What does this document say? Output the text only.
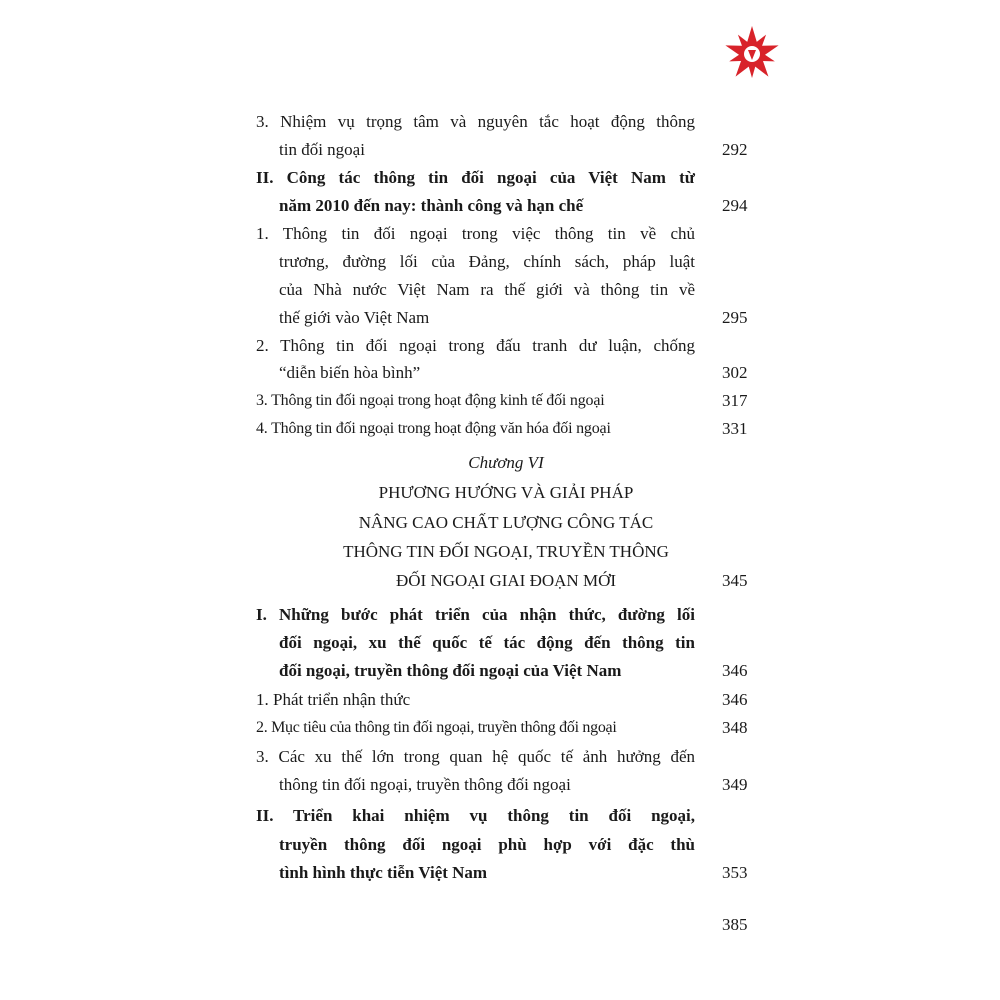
3. Nhiệm vụ trọng tâm và nguyên tắc hoạt động thông
tin đối ngoại	292
II. Công tác thông tin đối ngoại của Việt Nam từ
năm 2010 đến nay: thành công và hạn chế	294
1. Thông tin đối ngoại trong việc thông tin về chủ
trương, đường lối của Đảng, chính sách, pháp luật
của Nhà nước Việt Nam ra thế giới và thông tin về
thế giới vào Việt Nam	295
2. Thông tin đối ngoại trong đấu tranh dư luận, chống
“diễn biến hòa bình”	302
3. Thông tin đối ngoại trong hoạt động kinh tế đối ngoại	317
4. Thông tin đối ngoại trong hoạt động văn hóa đối ngoại	331
Chương VI
PHƯƠNG HƯỚNG VÀ GIẢI PHÁP
NÂNG CAO CHẤT LƯỢNG CÔNG TÁC
THÔNG TIN ĐỐI NGOẠI, TRUYỀN THÔNG
ĐỐI NGOẠI GIAI ĐOẠN MỚI	345
I. Những bước phát triển của nhận thức, đường lối
đối ngoại, xu thế quốc tế tác động đến thông tin
đối ngoại, truyền thông đối ngoại của Việt Nam	346
1. Phát triển nhận thức	346
2. Mục tiêu của thông tin đối ngoại, truyền thông đối ngoại	348
3. Các xu thế lớn trong quan hệ quốc tế ảnh hưởng đến
thông tin đối ngoại, truyền thông đối ngoại	349
II. Triển khai nhiệm vụ thông tin đối ngoại,
truyền thông đối ngoại phù hợp với đặc thù
tình hình thực tiễn Việt Nam	353
385
